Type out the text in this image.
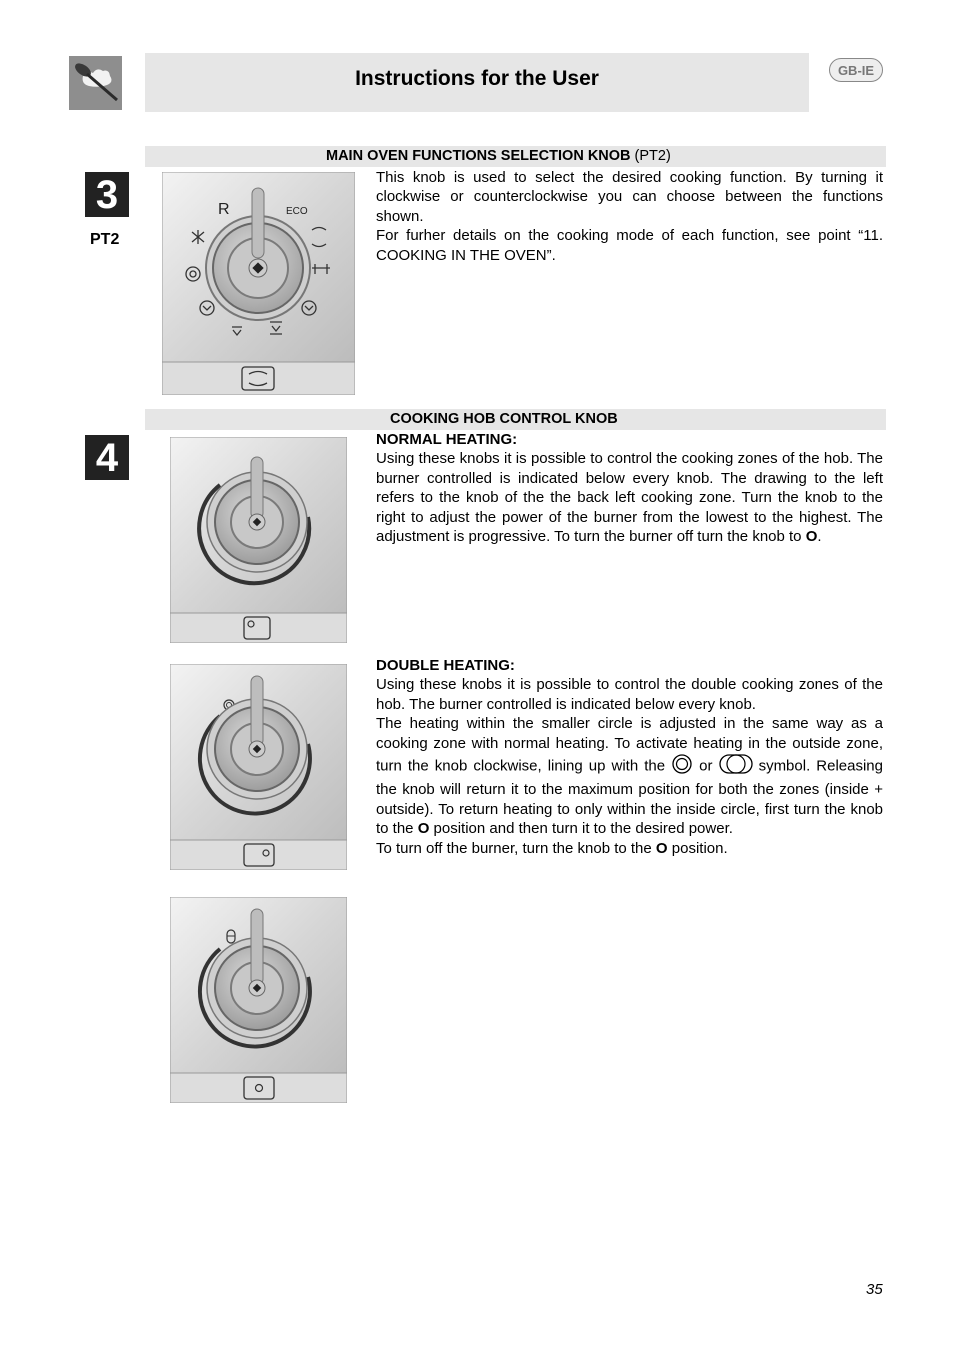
Instructions for the User	GB-IE
MAIN OVEN FUNCTIONS SELECTION KNOB (PT2)
3
PT2
R	ECO

This knob is used to select the desired cooking function. By turning it clockwise or counterclockwise you can choose between the functions shown.

For furher details on the cooking mode of each function, see point “11. COOKING IN THE OVEN”.

COOKING HOB CONTROL KNOB
4	NORMAL HEATING:

Using these knobs it is possible to control the cooking zones of the hob. The burner controlled is indicated below every knob. The drawing to the left refers to the knob of the the back left cooking zone. Turn the knob to the right to adjust the power of the burner from the lowest to the highest. The adjustment is progressive. To turn the burner off turn the knob to O.

DOUBLE HEATING:

Using these knobs it is possible to control the double cooking zones of the hob. The burner controlled is indicated below every knob.

The heating within the smaller circle is adjusted in the same way as a cooking zone with normal heating. To activate heating in the outside zone, turn the knob clockwise, lining up with the  or  symbol. Releasing the knob will return it to the maximum position for both the zones (inside + outside). To return heating to only within the inside circle, first turn the knob to the O position and then turn it to the desired power.

To turn off the burner, turn the knob to the O position.

35
